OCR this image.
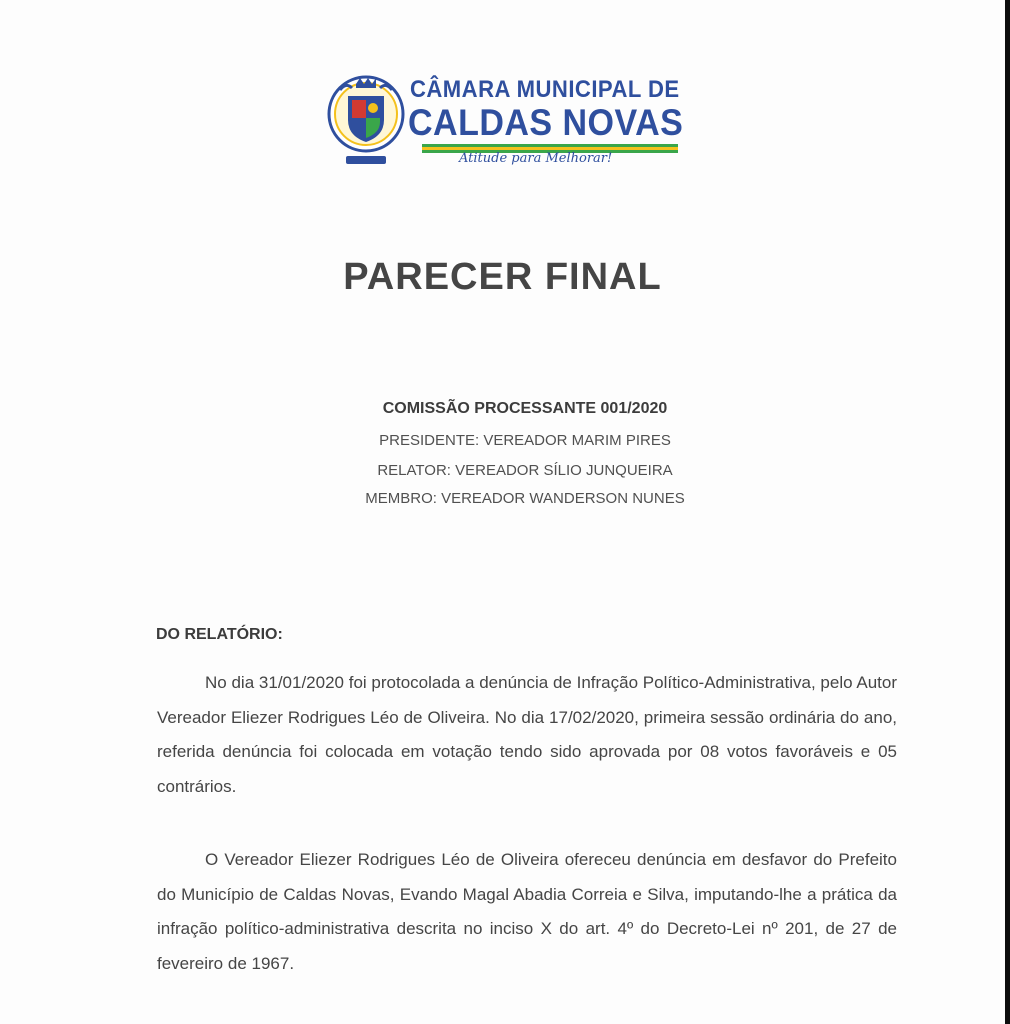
CÂMARA MUNICIPAL DE
CALDAS NOVAS
Atitude para Melhorar!
PARECER FINAL
COMISSÃO PROCESSANTE 001/2020
PRESIDENTE: VEREADOR MARIM PIRES
RELATOR: VEREADOR SÍLIO JUNQUEIRA
MEMBRO: VEREADOR WANDERSON NUNES
DO RELATÓRIO:

No dia 31/01/2020 foi protocolada a denúncia de Infração Político-Administrativa, pelo Autor Vereador Eliezer Rodrigues Léo de Oliveira. No dia 17/02/2020, primeira sessão ordinária do ano, referida denúncia foi colocada em votação tendo sido aprovada por 08 votos favoráveis e 05 contrários.

O Vereador Eliezer Rodrigues Léo de Oliveira ofereceu denúncia em desfavor do Prefeito do Município de Caldas Novas, Evando Magal Abadia Correia e Silva, imputando-lhe a prática da infração político-administrativa descrita no inciso X do art. 4º do Decreto-Lei nº 201, de 27 de fevereiro de 1967.
